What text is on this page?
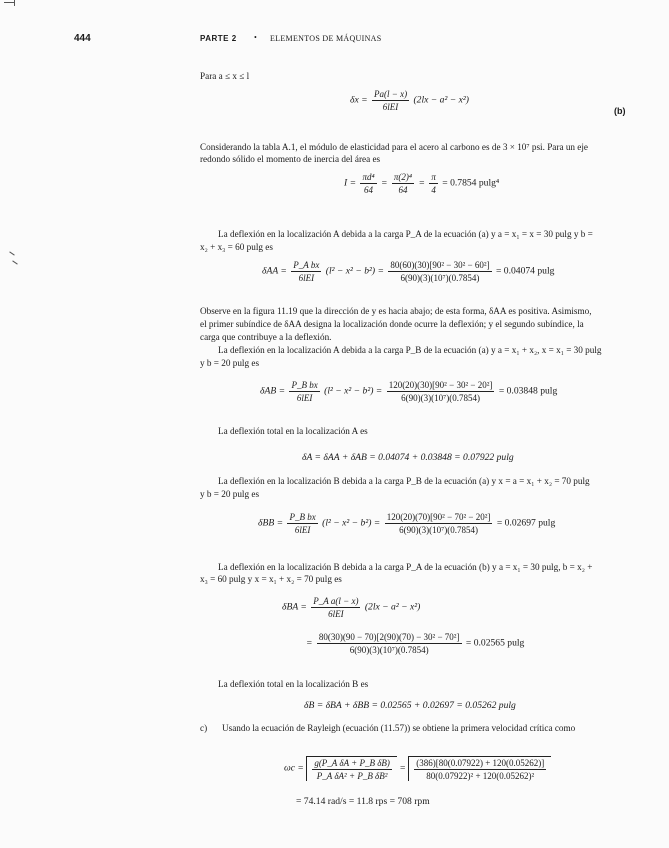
444	PARTE 2 • ELEMENTOS DE MÁQUINAS
Para a ≤ x ≤ l
$\delta x = \frac{Pa(l - x)}{\text{6lEI}} (2lx - a^2 - x^2)$
(b)
Considerando la tabla A.1, el módulo de elasticidad para el acero al carbono es de 3 × 10⁷ psi. Para un eje
redondo sólido el momento de inercia del área es
$I = \frac{\text{πd⁴}}{64} = \frac{\text{π(2)⁴}}{64} = \frac{\pi}{4} = 0.7854$ pulg⁴
La deflexión en la localización A debida a la carga P_A de la ecuación (a) y a = x₁ = x = 30 pulg y b =
x₂ + x₃ = 60 pulg es
$\delta AA = \frac{\text{P\_A bx}}{\text{6lEI}} (l^2 - x^2 - b^2) = \frac{\text{80(60)(30)[90² − 30² − 60²]}}{\text{6(90)(3)(10⁷)(0.7854)}} = 0.04074$ pulg
Observe en la figura 11.19 que la dirección de y es hacia abajo; de esta forma, δAA es positiva. Asimismo,
el primer subíndice de δAA designa la localización donde ocurre la deflexión; y el segundo subíndice, la
carga que contribuye a la deflexión.
La deflexión en la localización A debida a la carga P_B de la ecuación (a) y a = x₁ + x₂, x = x₁ = 30 pulg
y b = 20 pulg es
$\delta AB = \frac{\text{P\_B bx}}{\text{6lEI}} (l^2 - x^2 - b^2) = \frac{\text{120(20)(30)[90² − 30² − 20²]}}{\text{6(90)(3)(10⁷)(0.7854)}} = 0.03848$ pulg
La deflexión total en la localización A es
δA = δAA + δAB = 0.04074 + 0.03848 = 0.07922 pulg
La deflexión en la localización B debida a la carga P_B de la ecuación (a) y x = a = x₁ + x₂ = 70 pulg
y b = 20 pulg es
$\delta BB = \frac{\text{P\_B bx}}{\text{6lEI}} (l^2 - x^2 - b^2) = \frac{\text{120(20)(70)[90² − 70² − 20²]}}{\text{6(90)(3)(10⁷)(0.7854)}} = 0.02697$ pulg
La deflexión en la localización B debida a la carga P_A de la ecuación (b) y a = x₁ = 30 pulg, b = x₂ +
x₃ = 60 pulg y x = x₁ + x₂ = 70 pulg es
$\delta BA = \frac{\text{P\_A a(l − x)}}{\text{6lEI}} (2lx - a^2 - x^2)$
= $\frac{\text{80(30)(90 − 70)[2(90)(70) − 30² − 70²]}}{\text{6(90)(3)(10⁷)(0.7854)}} = 0.02565$ pulg
La deflexión total en la localización B es
δB = δBA + δBB = 0.02565 + 0.02697 = 0.05262 pulg
c) Usando la ecuación de Rayleigh (ecuación (11.57)) se obtiene la primera velocidad crítica como
$\omega c = \frac{\text{g(P\_A δA + P\_B δB)}}{\text{P\_A δA² + P\_B δB²}} = \frac{(386)[80(0.07922) + 120(0.05262)]}{\text{80(0.07922)² + 120(0.05262)²}}$
= 74.14 rad/s = 11.8 rps = 708 rpm
